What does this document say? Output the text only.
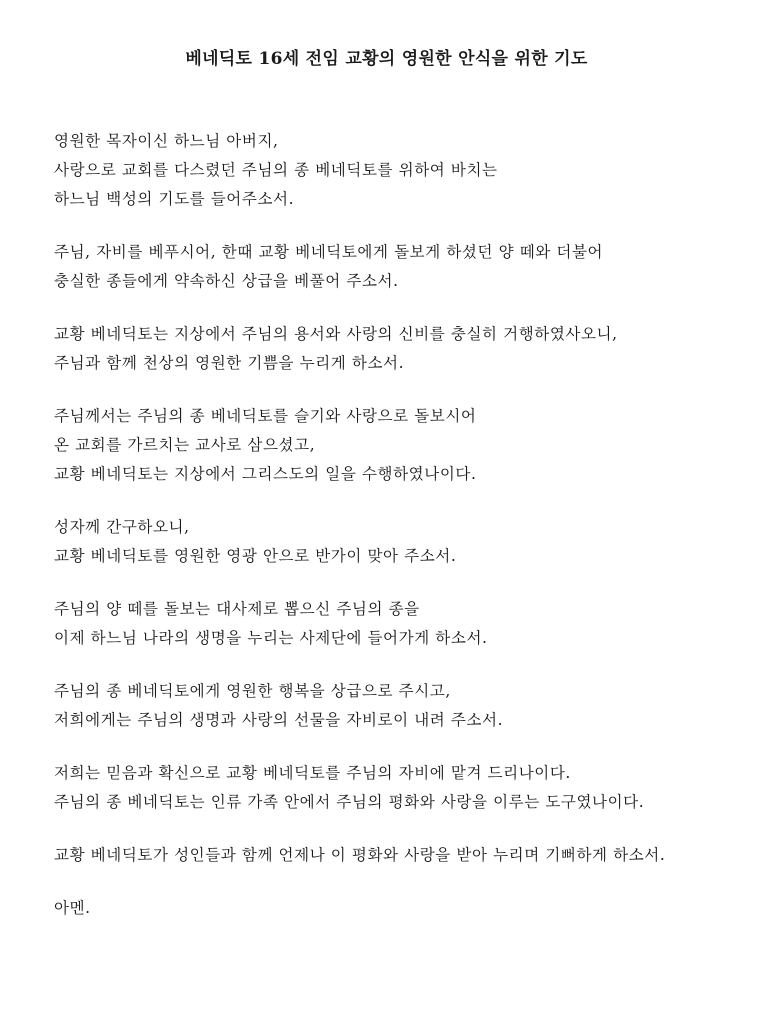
베네딕토 16세 전임 교황의 영원한 안식을 위한 기도

영원한 목자이신 하느님 아버지,
사랑으로 교회를 다스렸던 주님의 종 베네딕토를 위하여 바치는
하느님 백성의 기도를 들어주소서.

주님, 자비를 베푸시어, 한때 교황 베네딕토에게 돌보게 하셨던 양 떼와 더불어
충실한 종들에게 약속하신 상급을 베풀어 주소서.

교황 베네딕토는 지상에서 주님의 용서와 사랑의 신비를 충실히 거행하였사오니,
주님과 함께 천상의 영원한 기쁨을 누리게 하소서.

주님께서는 주님의 종 베네딕토를 슬기와 사랑으로 돌보시어
온 교회를 가르치는 교사로 삼으셨고,
교황 베네딕토는 지상에서 그리스도의 일을 수행하였나이다.

성자께 간구하오니,
교황 베네딕토를 영원한 영광 안으로 반가이 맞아 주소서.

주님의 양 떼를 돌보는 대사제로 뽑으신 주님의 종을
이제 하느님 나라의 생명을 누리는 사제단에 들어가게 하소서.

주님의 종 베네딕토에게 영원한 행복을 상급으로 주시고,
저희에게는 주님의 생명과 사랑의 선물을 자비로이 내려 주소서.

저희는 믿음과 확신으로 교황 베네딕토를 주님의 자비에 맡겨 드리나이다.
주님의 종 베네딕토는 인류 가족 안에서 주님의 평화와 사랑을 이루는 도구였나이다.

교황 베네딕토가 성인들과 함께 언제나 이 평화와 사랑을 받아 누리며 기뻐하게 하소서.

아멘.
